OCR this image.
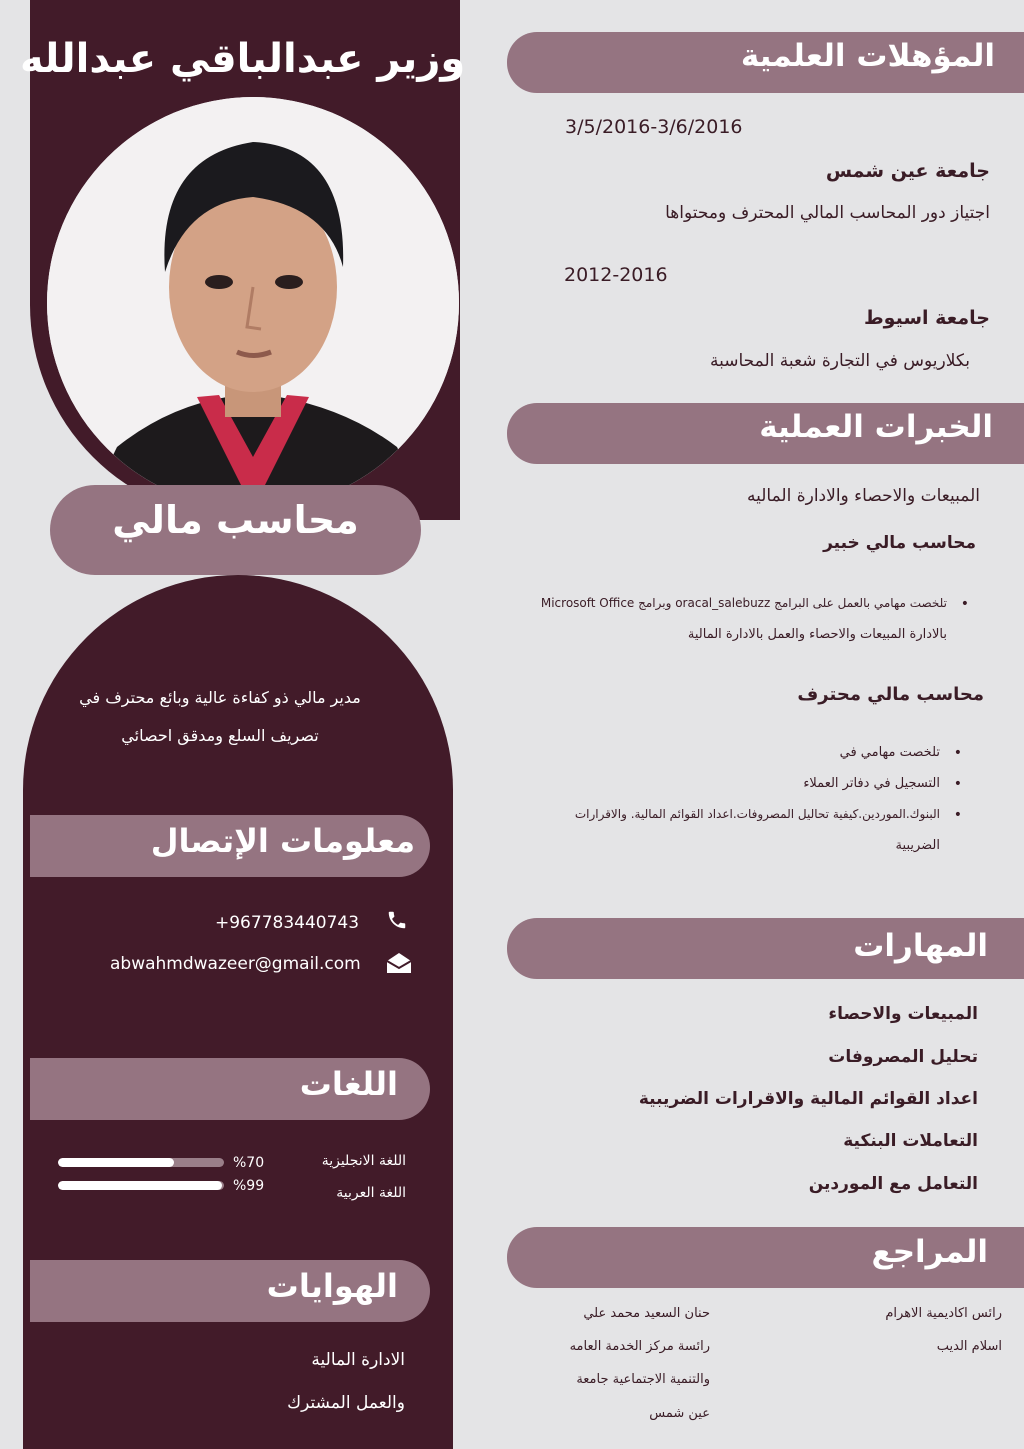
وزير عبدالباقي عبدالله
محاسب مالي
مدير مالي ذو كفاءة عالية وبائع محترف في
تصريف السلع ومدقق احصائي
معلومات الإتصال
+967783440743
abwahmdwazeer@gmail.com
اللغات
اللغة الانجليزية
%70
اللغة العربية
%99
الهوايات
الادارة المالية
والعمل المشترك
المؤهلات العلمية
3/5/2016-3/6/2016
جامعة عين شمس
اجتياز دور المحاسب المالي المحترف ومحتواها
2012-2016
جامعة اسيوط
بكلاريوس في التجارة شعبة المحاسبة
الخبرات العملية
المبيعات والاحصاء والادارة الماليه
محاسب مالي خبير
• تلخصت مهامي بالعمل على البرامج oracal_salebuzz وبرامج Microsoft Office
بالادارة المبيعات والاحصاء والعمل بالادارة المالية
محاسب مالي محترف
• تلخصت مهامي في
• التسجيل في دفاتر العملاء
• البنوك.الموردين.كيفية تحاليل المصروفات.اعداد القوائم المالية. والاقرارات
الضريبية
المهارات
المبيعات والاحصاء
تحليل المصروفات
اعداد القوائم المالية والاقرارات الضريبية
التعاملات البنكية
التعامل مع الموردين
المراجع
رائس اكاديمية الاهرام
اسلام الديب
حنان السعيد محمد علي
رائسة مركز الخدمة العامه
والتنمية الاجتماعية جامعة
عين شمس
